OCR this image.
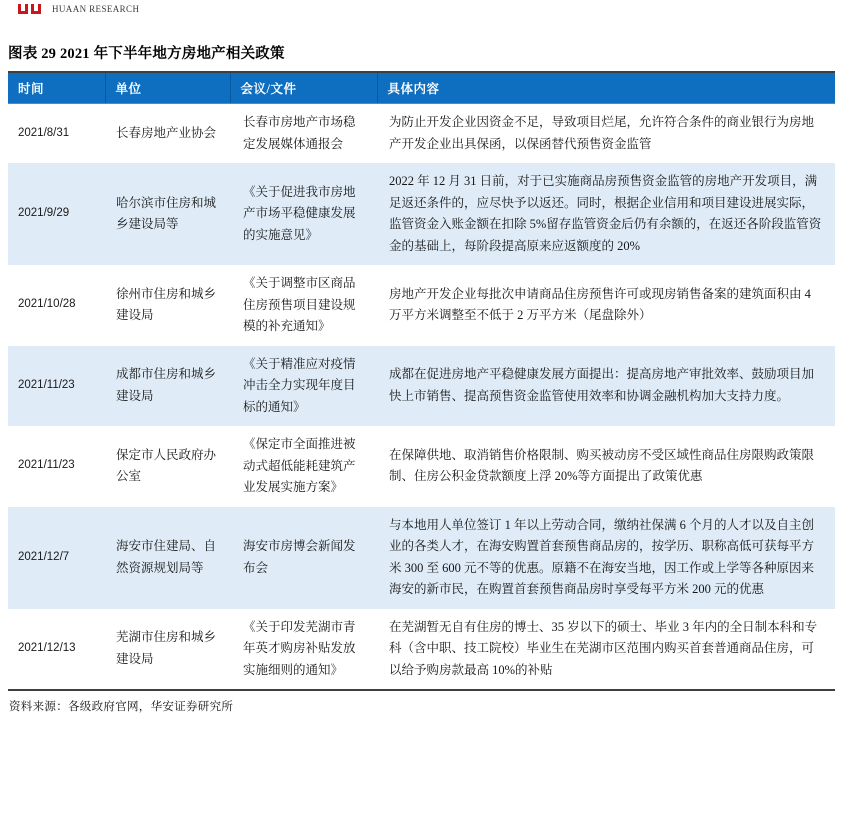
HUAAN RESEARCH
图表 29 2021 年下半年地方房地产相关政策
时间	单位	会议/文件	具体内容
2021/8/31	长春房地产业协会	长春市房地产市场稳定发展媒体通报会	为防止开发企业因资金不足，导致项目烂尾，允许符合条件的商业银行为房地产开发企业出具保函，以保函替代预售资金监管
2021/9/29	哈尔滨市住房和城乡建设局等	《关于促进我市房地产市场平稳健康发展的实施意见》	2022 年 12 月 31 日前，对于已实施商品房预售资金监管的房地产开发项目，满足返还条件的，应尽快予以返还。同时，根据企业信用和项目建设进展实际，监管资金入账金额在扣除 5%留存监管资金后仍有余额的，在返还各阶段监管资金的基础上，每阶段提高原来应返额度的 20%
2021/10/28	徐州市住房和城乡建设局	《关于调整市区商品住房预售项目建设规模的补充通知》	房地产开发企业每批次申请商品住房预售许可或现房销售备案的建筑面积由 4 万平方米调整至不低于 2 万平方米（尾盘除外）
2021/11/23	成都市住房和城乡建设局	《关于精准应对疫情冲击全力实现年度目标的通知》	成都在促进房地产平稳健康发展方面提出：提高房地产审批效率、鼓励项目加快上市销售、提高预售资金监管使用效率和协调金融机构加大支持力度。
2021/11/23	保定市人民政府办公室	《保定市全面推进被动式超低能耗建筑产业发展实施方案》	在保障供地、取消销售价格限制、购买被动房不受区域性商品住房限购政策限制、住房公积金贷款额度上浮 20%等方面提出了政策优惠
2021/12/7	海安市住建局、自然资源规划局等	海安市房博会新闻发布会	与本地用人单位签订 1 年以上劳动合同，缴纳社保满 6 个月的人才以及自主创业的各类人才，在海安购置首套预售商品房的，按学历、职称高低可获每平方米 300 至 600 元不等的优惠。原籍不在海安当地，因工作或上学等各种原因来海安的新市民，在购置首套预售商品房时享受每平方米 200 元的优惠
2021/12/13	芜湖市住房和城乡建设局	《关于印发芜湖市青年英才购房补贴发放实施细则的通知》	在芜湖暂无自有住房的博士、35 岁以下的硕士、毕业 3 年内的全日制本科和专科（含中职、技工院校）毕业生在芜湖市区范围内购买首套普通商品住房，可以给予购房款最高 10%的补贴
资料来源：各级政府官网，华安证券研究所
